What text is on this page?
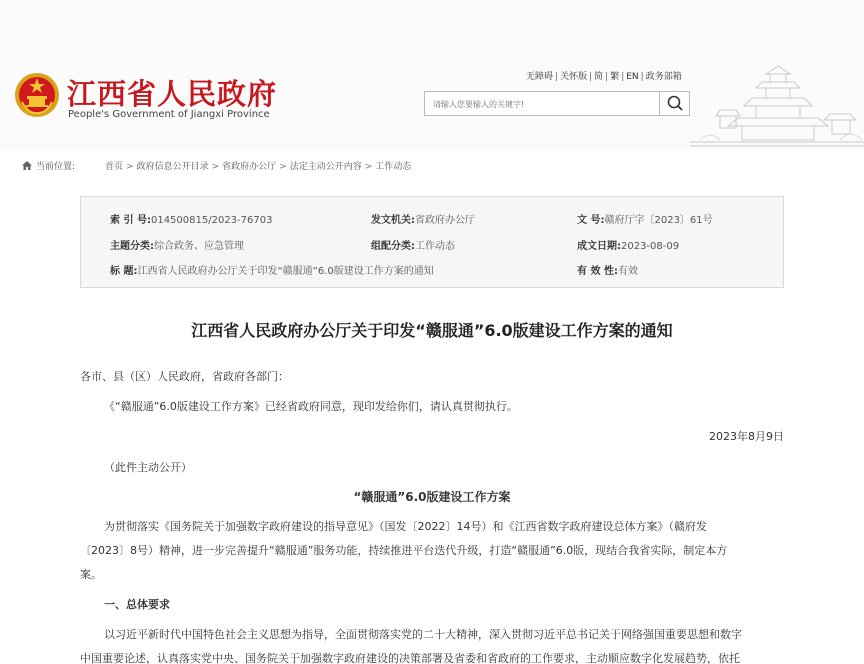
江西省人民政府
People's Government of Jiangxi Province
无障碍 | 关怀版 | 简 | 繁 | EN | 政务部箱
请输入您要输入的关键字!
当前位置:	首页 > 政府信息公开目录 > 省政府办公厅 > 法定主动公开内容 > 工作动态
索 引 号:014500815/2023-76703	发文机关:省政府办公厅	文 号:赣府厅字〔2023〕61号
主题分类:综合政务、应急管理	组配分类:工作动态	成文日期:2023-08-09
标 题:江西省人民政府办公厅关于印发“赣服通”6.0版建设工作方案的通知	有 效 性:有效
江西省人民政府办公厅关于印发“赣服通”6.0版建设工作方案的通知
各市、县（区）人民政府，省政府各部门：
《“赣服通”6.0版建设工作方案》已经省政府同意，现印发给你们，请认真贯彻执行。
2023年8月9日
（此件主动公开）
“赣服通”6.0版建设工作方案
为贯彻落实《国务院关于加强数字政府建设的指导意见》（国发〔2022〕14号）和《江西省数字政府建设总体方案》（赣府发
〔2023〕8号）精神，进一步完善提升“赣服通”服务功能，持续推进平台迭代升级，打造“赣服通”6.0版，现结合我省实际，制定本方
案。
一、总体要求
以习近平新时代中国特色社会主义思想为指导，全面贯彻落实党的二十大精神，深入贯彻习近平总书记关于网络强国重要思想和数字
中国重要论述，认真落实党中央、国务院关于加强数字政府建设的决策部署及省委和省政府的工作要求，主动顺应数字化发展趋势，依托
